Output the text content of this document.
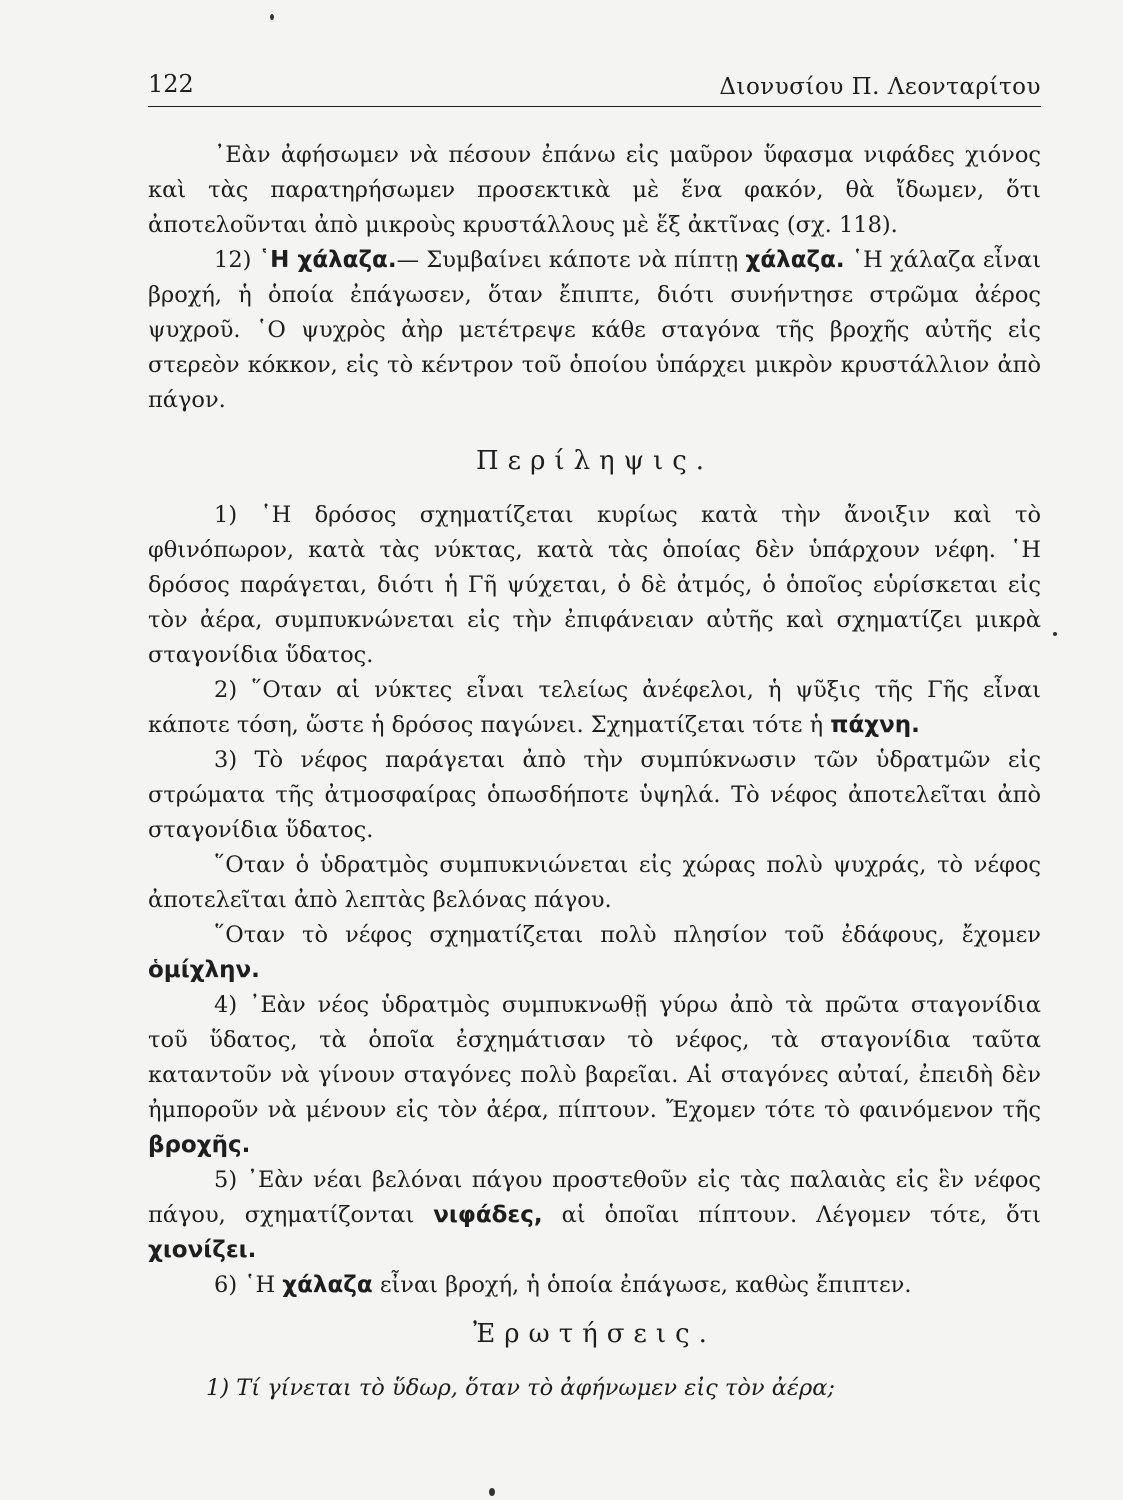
122	Διονυσίου Π. Λεονταρίτου

᾿Εὰν ἀφήσωμεν νὰ πέσουν ἐπάνω εἰς μαῦρον ὕφασμα νιφάδες χιόνος καὶ τὰς παρατηρήσωμεν προσεκτικὰ μὲ ἕνα φακόν, θὰ ἴδωμεν, ὅτι ἀποτελοῦνται ἀπὸ μικροὺς κρυστάλλους μὲ ἕξ ἀκτῖνας (σχ. 118).

12) ῾Η χάλαζα.— Συμβαίνει κάποτε νὰ πίπτῃ χάλαζα. ῾Η χάλαζα εἶναι βροχή, ἡ ὁποία ἐπάγωσεν, ὅταν ἔπιπτε, διότι συνήντησε στρῶμα ἀέρος ψυχροῦ. ῾Ο ψυχρὸς ἀὴρ μετέτρεψε κάθε σταγόνα τῆς βροχῆς αὐτῆς εἰς στερεὸν κόκκον, εἰς τὸ κέντρον τοῦ ὁποίου ὑπάρχει μικρὸν κρυστάλλιον ἀπὸ πάγον.

Περίληψις.

1) ῾Η δρόσος σχηματίζεται κυρίως κατὰ τὴν ἄνοιξιν καὶ τὸ φθινόπωρον, κατὰ τὰς νύκτας, κατὰ τὰς ὁποίας δὲν ὑπάρχουν νέφη. ῾Η δρόσος παράγεται, διότι ἡ Γῆ ψύχεται, ὁ δὲ ἀτμός, ὁ ὁποῖος εὑρίσκεται εἰς τὸν ἀέρα, συμπυκνώνεται εἰς τὴν ἐπιφάνειαν αὐτῆς καὶ σχηματίζει μικρὰ σταγονίδια ὕδατος.

2) ῞Οταν αἱ νύκτες εἶναι τελείως ἀνέφελοι, ἡ ψῦξις τῆς Γῆς εἶναι κάποτε τόση, ὥστε ἡ δρόσος παγώνει. Σχηματίζεται τότε ἡ πάχνη.

3) Τὸ νέφος παράγεται ἀπὸ τὴν συμπύκνωσιν τῶν ὑδρατμῶν εἰς στρώματα τῆς ἀτμοσφαίρας ὁπωσδήποτε ὑψηλά. Τὸ νέφος ἀποτελεῖται ἀπὸ σταγονίδια ὕδατος.

῞Οταν ὁ ὑδρατμὸς συμπυκνιώνεται εἰς χώρας πολὺ ψυχράς, τὸ νέφος ἀποτελεῖται ἀπὸ λεπτὰς βελόνας πάγου.

῞Οταν τὸ νέφος σχηματίζεται πολὺ πλησίον τοῦ ἐδάφους, ἔχομεν ὁμίχλην.

4) ᾿Εὰν νέος ὑδρατμὸς συμπυκνωθῇ γύρω ἀπὸ τὰ πρῶτα σταγονίδια τοῦ ὕδατος, τὰ ὁποῖα ἐσχημάτισαν τὸ νέφος, τὰ σταγονίδια ταῦτα καταντοῦν νὰ γίνουν σταγόνες πολὺ βαρεῖαι. Αἱ σταγόνες αὐταί, ἐπειδὴ δὲν ἠμποροῦν νὰ μένουν εἰς τὸν ἀέρα, πίπτουν. Ἔχομεν τότε τὸ φαινόμενον τῆς βροχῆς.

5) ᾿Εὰν νέαι βελόναι πάγου προστεθοῦν εἰς τὰς παλαιὰς εἰς ἓν νέφος πάγου, σχηματίζονται νιφάδες, αἱ ὁποῖαι πίπτουν. Λέγομεν τότε, ὅτι χιονίζει.

6) ῾Η χάλαζα εἶναι βροχή, ἡ ὁποία ἐπάγωσε, καθὼς ἔπιπτεν.

Ἐρωτήσεις.

1) Τί γίνεται τὸ ὕδωρ, ὅταν τὸ ἀφήνωμεν εἰς τὸν ἀέρα;
